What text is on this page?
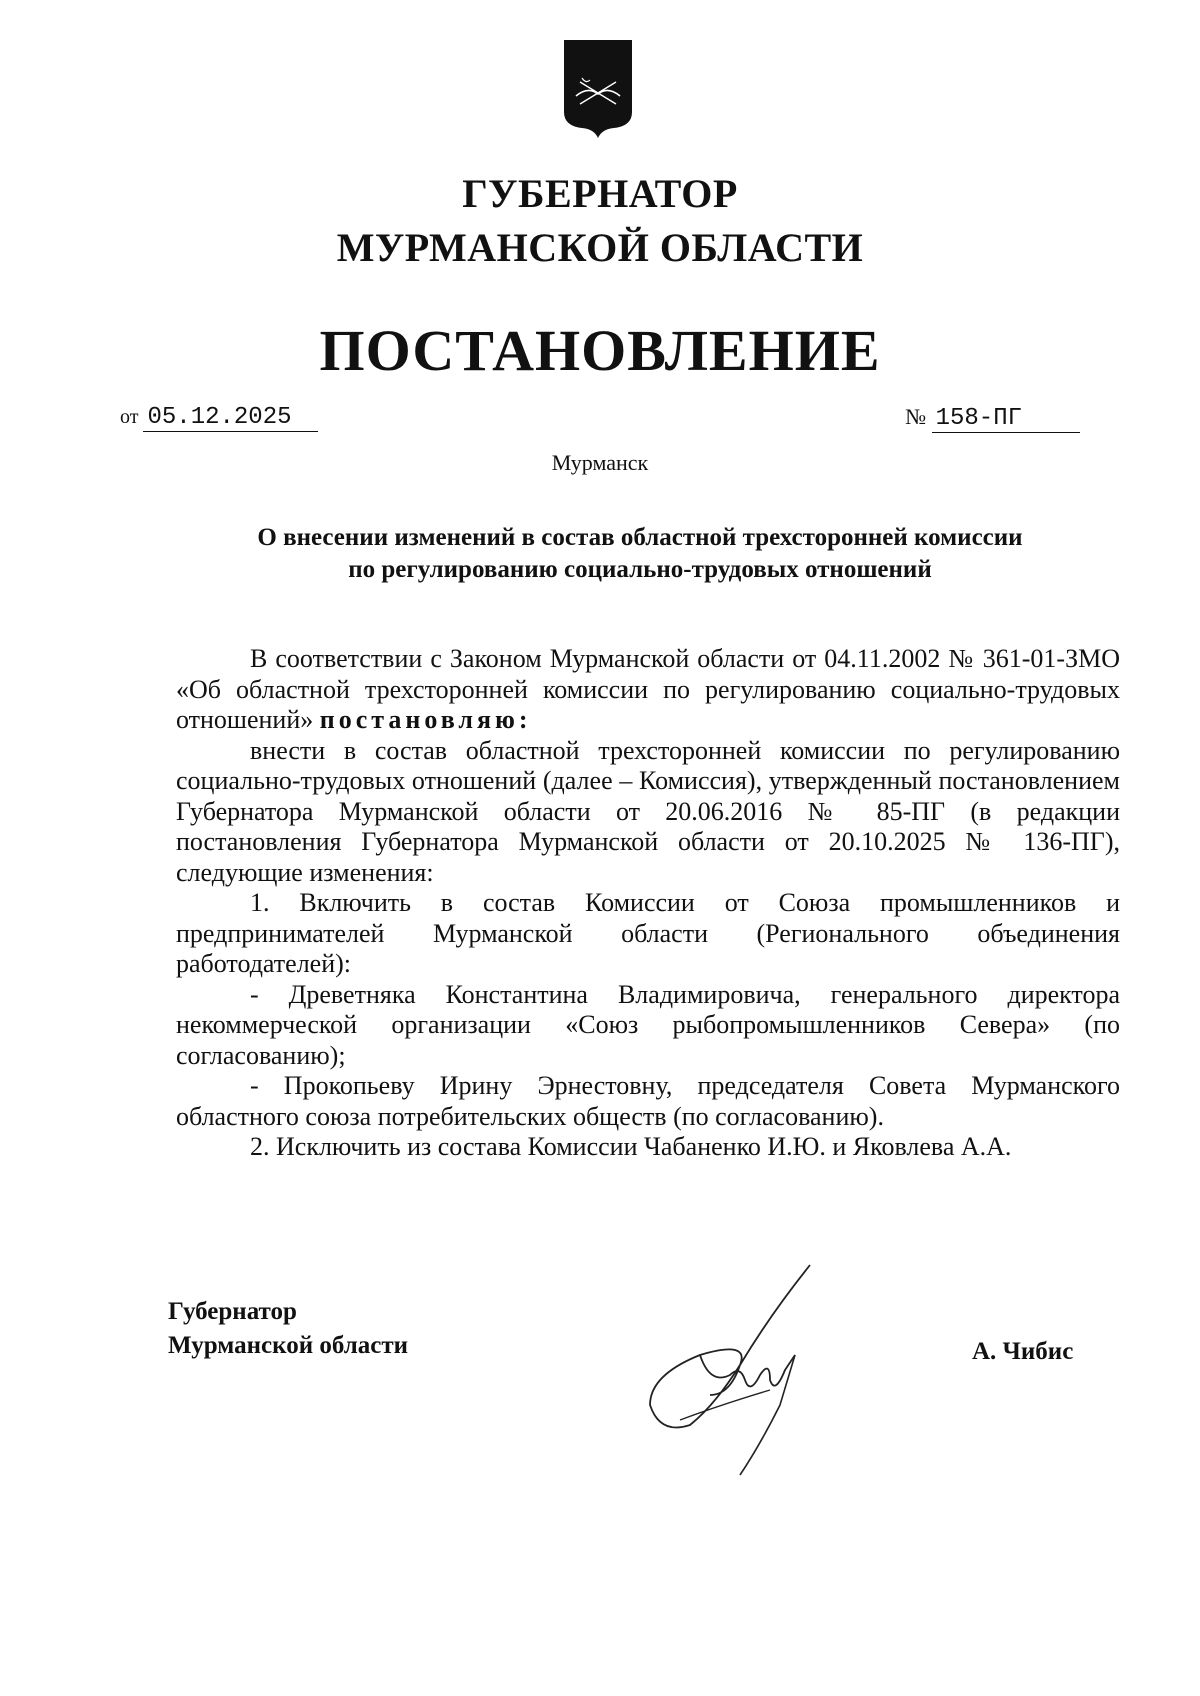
ГУБЕРНАТОР
МУРМАНСКОЙ ОБЛАСТИ
ПОСТАНОВЛЕНИЕ
от 05.12.2025	№ 158-ПГ
Мурманск
О внесении изменений в состав областной трехсторонней комиссии
по регулированию социально-трудовых отношений

В соответствии с Законом Мурманской области от 04.11.2002 № 361-01-ЗМО «Об областной трехсторонней комиссии по регулированию социально-трудовых отношений» постановляю:

внести в состав областной трехсторонней комиссии по регулированию социально-трудовых отношений (далее – Комиссия), утвержденный постановлением Губернатора Мурманской области от 20.06.2016 № 85-ПГ (в редакции постановления Губернатора Мурманской области от 20.10.2025 № 136-ПГ), следующие изменения:

1. Включить в состав Комиссии от Союза промышленников и предпринимателей Мурманской области (Регионального объединения работодателей):

- Древетняка Константина Владимировича, генерального директора некоммерческой организации «Союз рыбопромышленников Севера» (по согласованию);

- Прокопьеву Ирину Эрнестовну, председателя Совета Мурманского областного союза потребительских обществ (по согласованию).

2. Исключить из состава Комиссии Чабаненко И.Ю. и Яковлева А.А.

Губернатор
Мурманской области	А. Чибис
